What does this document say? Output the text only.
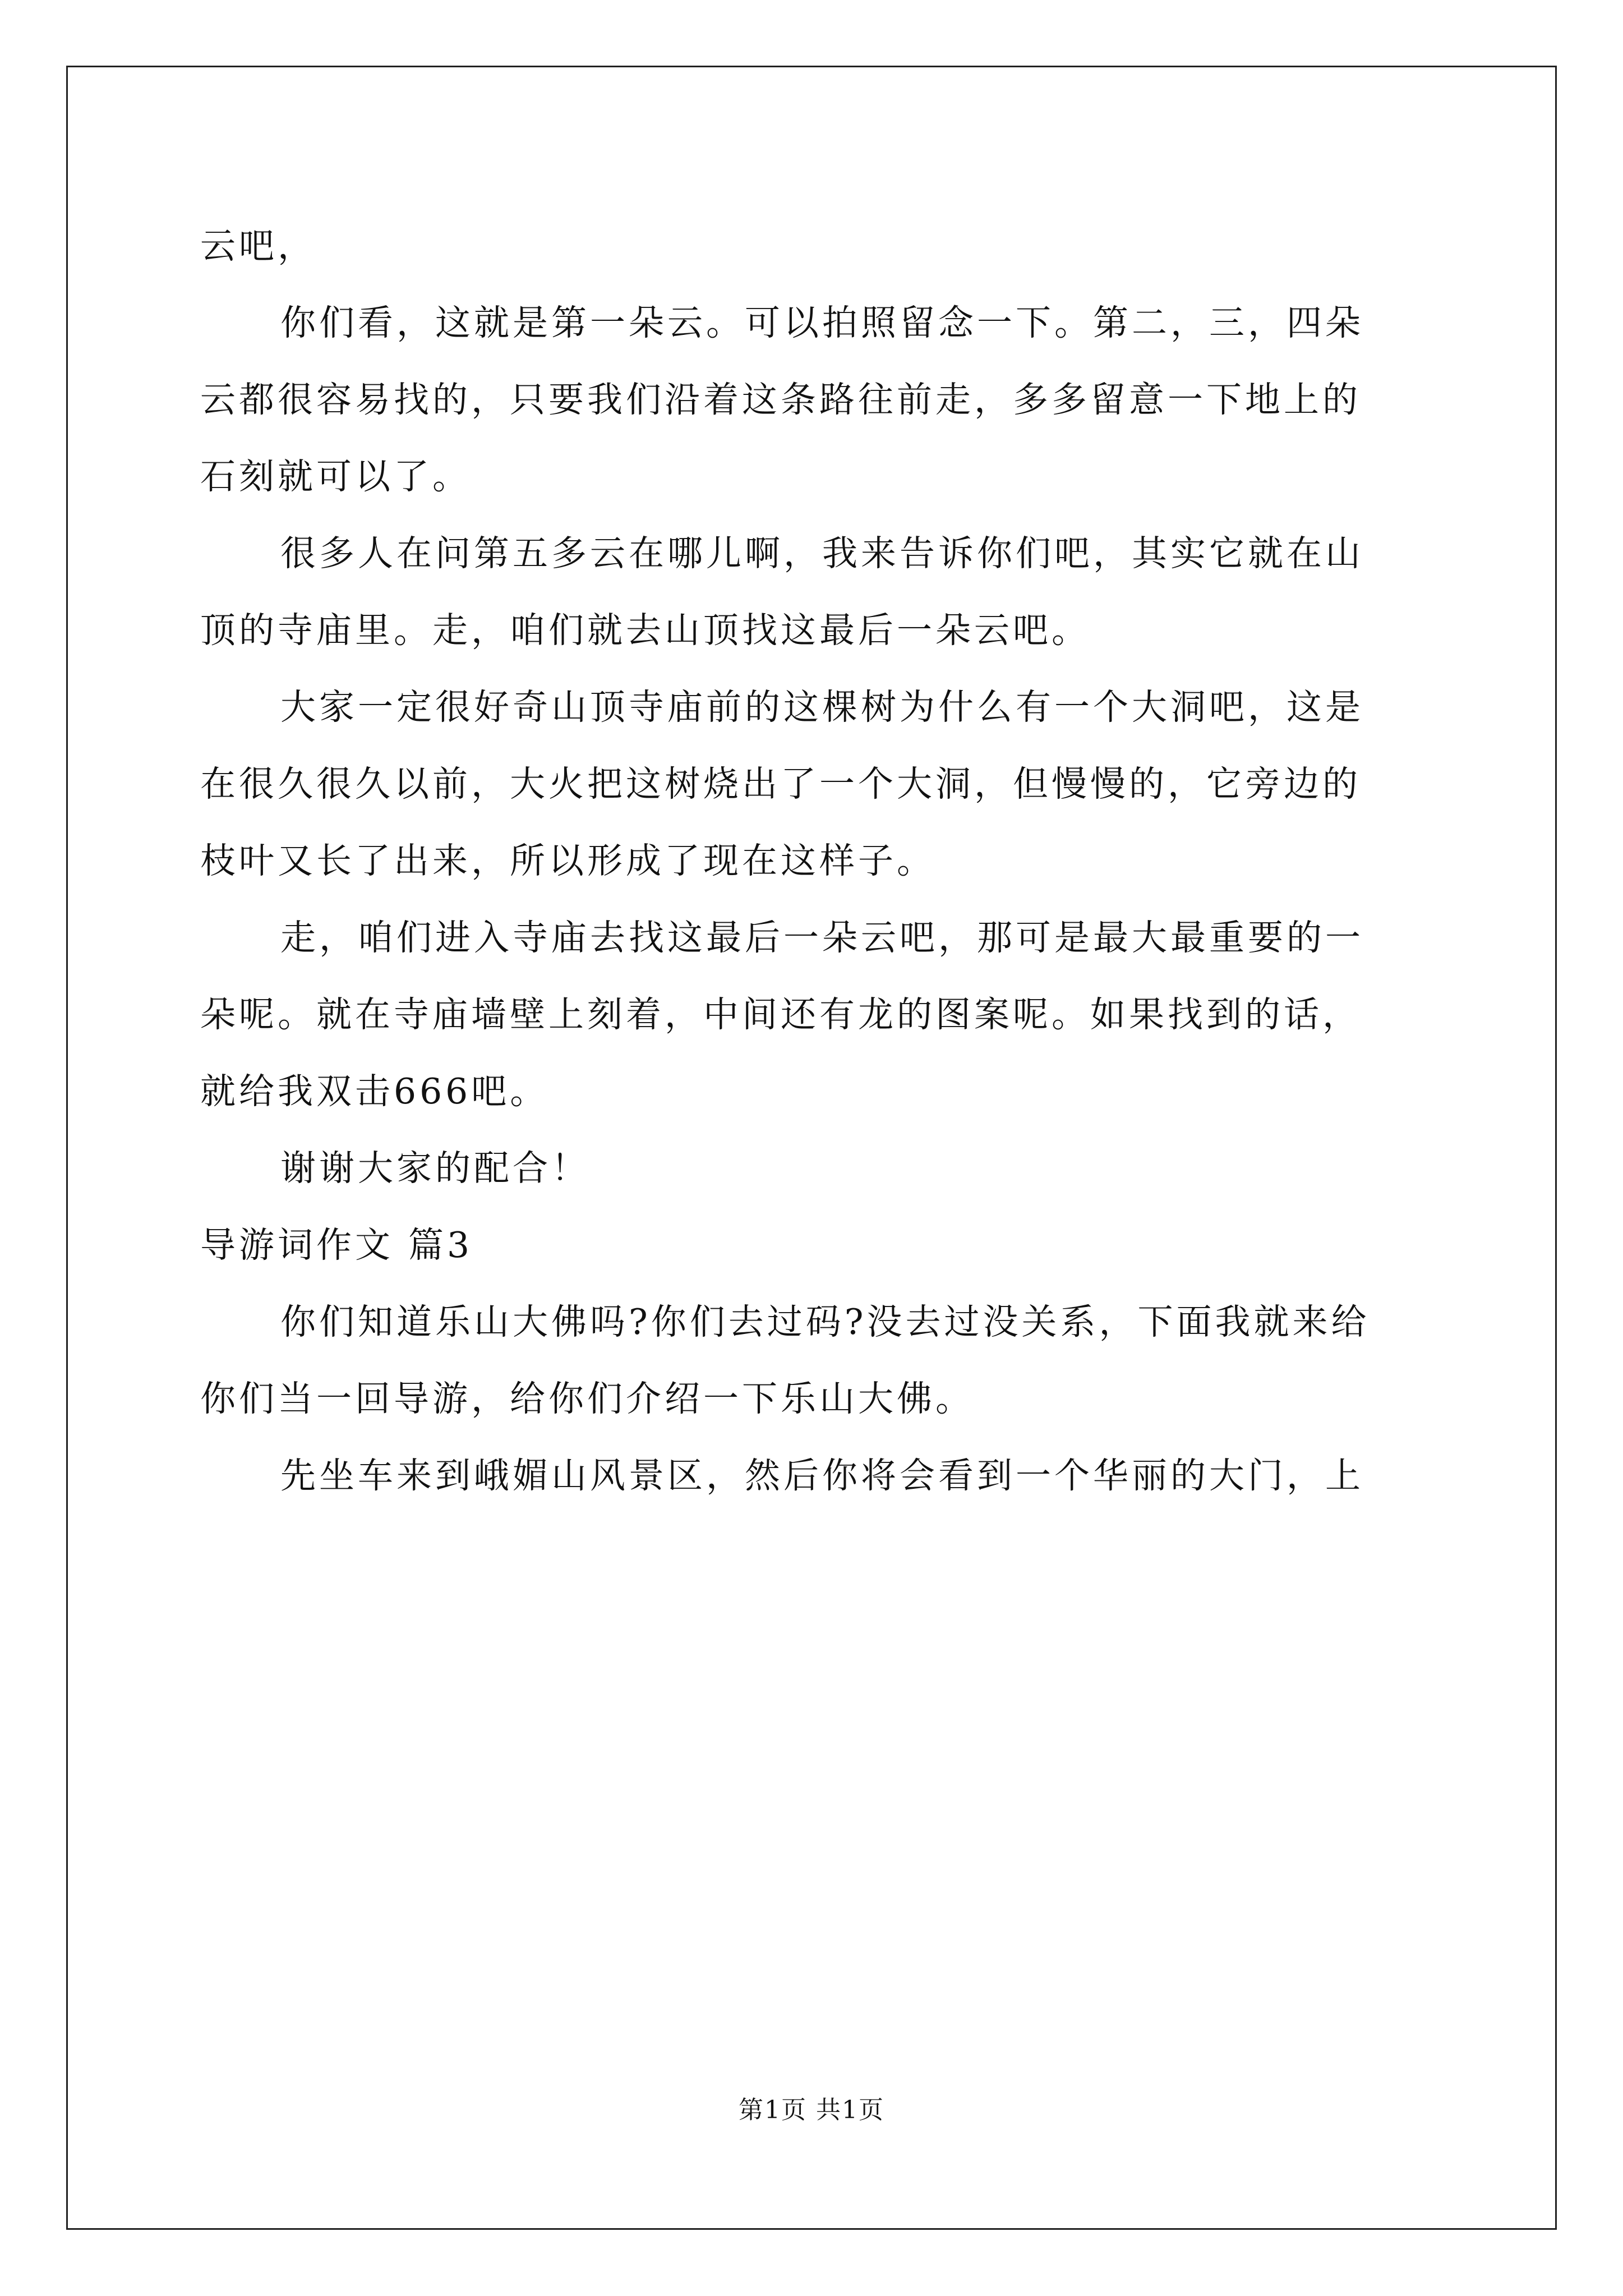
云吧，
你们看，这就是第一朵云。可以拍照留念一下。第二，三，四朵
云都很容易找的，只要我们沿着这条路往前走，多多留意一下地上的
石刻就可以了。
很多人在问第五多云在哪儿啊，我来告诉你们吧，其实它就在山
顶的寺庙里。走，咱们就去山顶找这最后一朵云吧。
大家一定很好奇山顶寺庙前的这棵树为什么有一个大洞吧，这是
在很久很久以前，大火把这树烧出了一个大洞，但慢慢的，它旁边的
枝叶又长了出来，所以形成了现在这样子。
走，咱们进入寺庙去找这最后一朵云吧，那可是最大最重要的一
朵呢。就在寺庙墙壁上刻着，中间还有龙的图案呢。如果找到的话，
就给我双击666吧。
谢谢大家的配合！
导游词作文 篇3
你们知道乐山大佛吗?你们去过码?没去过没关系，下面我就来给
你们当一回导游，给你们介绍一下乐山大佛。
先坐车来到峨媚山风景区，然后你将会看到一个华丽的大门，上
第1页 共1页
